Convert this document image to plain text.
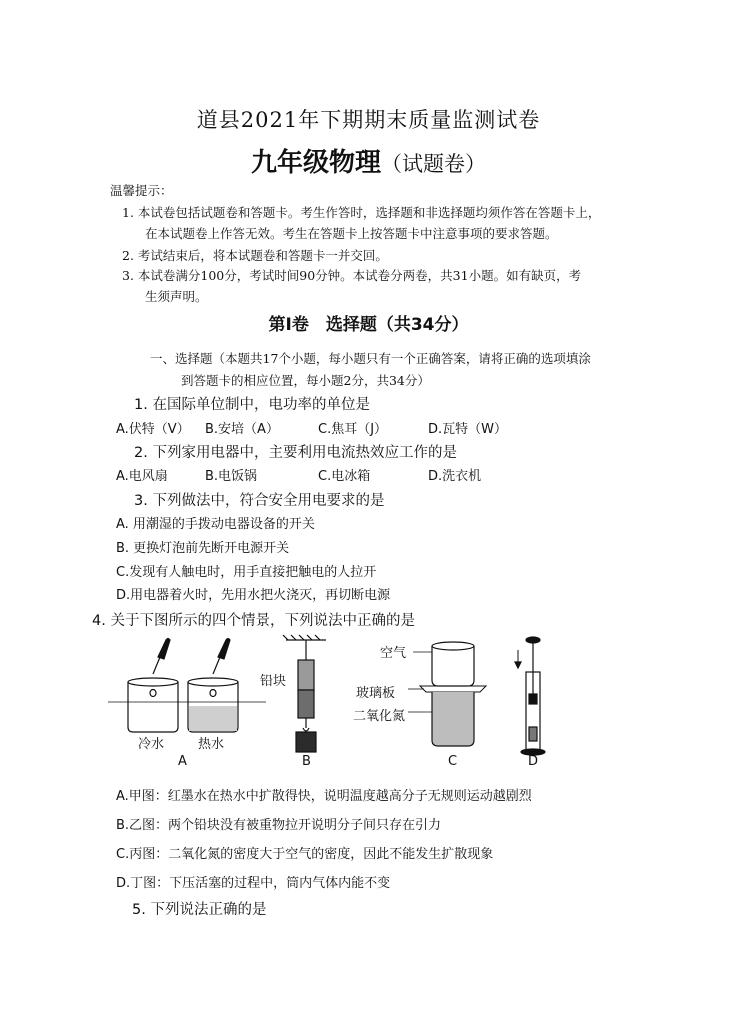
道县2021年下期期末质量监测试卷
九年级物理（试题卷）
温馨提示：
1. 本试卷包括试题卷和答题卡。考生作答时，选择题和非选择题均须作答在答题卡上，
在本试题卷上作答无效。考生在答题卡上按答题卡中注意事项的要求答题。
2. 考试结束后，将本试题卷和答题卡一并交回。
3. 本试卷满分100分，考试时间90分钟。本试卷分两卷，共31小题。如有缺页，考
生须声明。
第Ⅰ卷　选择题（共34分）
一、选择题（本题共17个小题，每小题只有一个正确答案，请将正确的选项填涂
到答题卡的相应位置，每小题2分，共34分）
1. 在国际单位制中，电功率的单位是
A.伏特（V） B.安培（A）	C.焦耳（J）	D.瓦特（W）
2. 下列家用电器中，主要利用电流热效应工作的是
A.电风扇	B.电饭锅	C.电冰箱	D.洗衣机
3. 下列做法中，符合安全用电要求的是
A. 用潮湿的手拨动电器设备的开关
B. 更换灯泡前先断开电源开关
C.发现有人触电时，用手直接把触电的人拉开
D.用电器着火时，先用水把火浇灭，再切断电源
4. 关于下图所示的四个情景，下列说法中正确的是
冷水	热水
铅块
空气
玻璃板
二氧化氮
A	B	C	D
A.甲图：红墨水在热水中扩散得快，说明温度越高分子无规则运动越剧烈
B.乙图：两个铅块没有被重物拉开说明分子间只存在引力
C.丙图：二氧化氮的密度大于空气的密度，因此不能发生扩散现象
D.丁图：下压活塞的过程中，筒内气体内能不变
5. 下列说法正确的是
